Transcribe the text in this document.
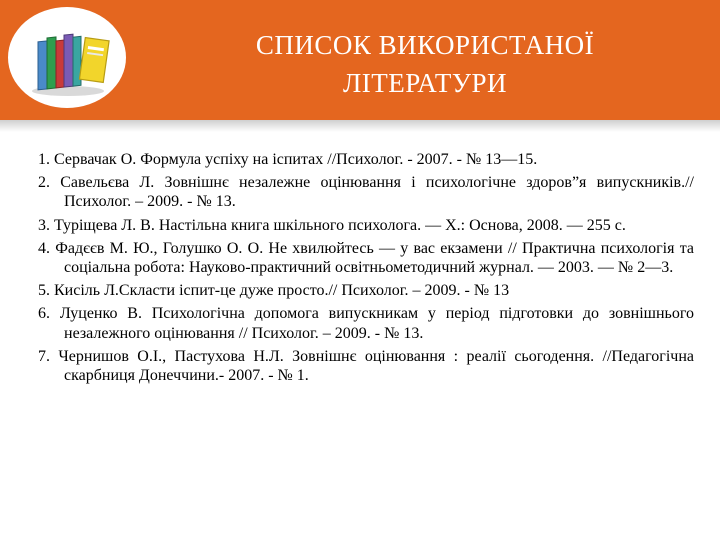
СПИСОК ВИКОРИСТАНОЇ
ЛІТЕРАТУРИ
1. Сервачак О. Формула успіху на іспитах //Психолог. - 2007. - № 13—15.
2. Савельєва Л. Зовнішнє незалежне оцінювання і психологічне здоров”я випускників.//Психолог. – 2009. - № 13.
3. Туріщева Л. В. Настільна книга шкільного психолога. — Х.: Основа, 2008. — 255 с.
4. Фадєєв М. Ю., Голушко О. О. Не хвилюйтесь — у вас екзамени // Практична психологія та соціальна робота: Науково-практичний освітньометодичний журнал. — 2003. — № 2—3.
5. Кисіль Л.Скласти іспит-це дуже просто.// Психолог. – 2009. - № 13
6. Луценко В. Психологічна допомога випускникам у період підготовки до зовнішнього незалежного оцінювання // Психолог. – 2009. - № 13.
7. Чернишов О.І., Пастухова Н.Л. Зовнішнє оцінювання : реалії сьогодення. //Педагогічна скарбниця Донеччини.- 2007. - № 1.
